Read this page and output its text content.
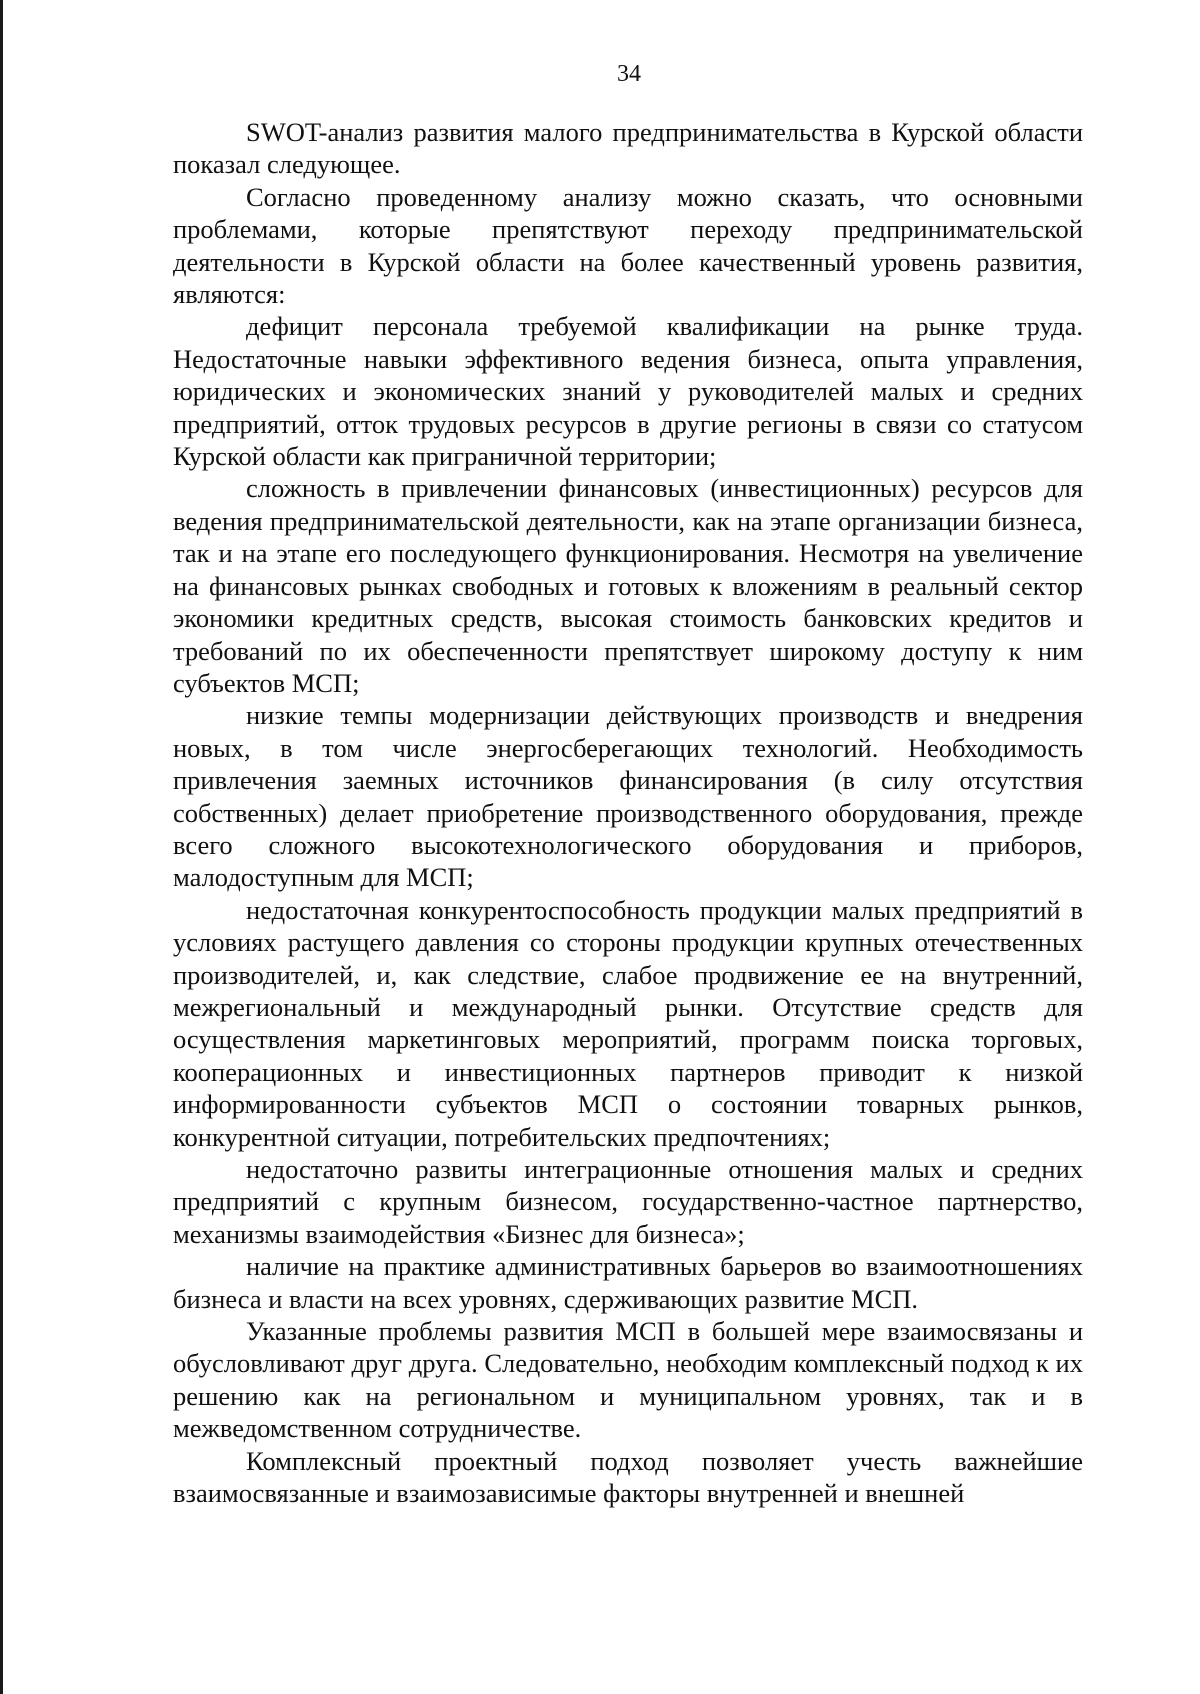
34

SWOT-анализ развития малого предпринимательства в Курской области показал следующее.

Согласно проведенному анализу можно сказать, что основными проблемами, которые препятствуют переходу предпринимательской деятельности в Курской области на более качественный уровень развития, являются:

дефицит персонала требуемой квалификации на рынке труда. Недостаточные навыки эффективного ведения бизнеса, опыта управления, юридических и экономических знаний у руководителей малых и средних предприятий, отток трудовых ресурсов в другие регионы в связи со статусом Курской области как приграничной территории;

сложность в привлечении финансовых (инвестиционных) ресурсов для ведения предпринимательской деятельности, как на этапе организации бизнеса, так и на этапе его последующего функционирования. Несмотря на увеличение на финансовых рынках свободных и готовых к вложениям в реальный сектор экономики кредитных средств, высокая стоимость банковских кредитов и требований по их обеспеченности препятствует широкому доступу к ним субъектов МСП;

низкие темпы модернизации действующих производств и внедрения новых, в том числе энергосберегающих технологий. Необходимость привлечения заемных источников финансирования (в силу отсутствия собственных) делает приобретение производственного оборудования, прежде всего сложного высокотехнологического оборудования и приборов, малодоступным для МСП;

недостаточная конкурентоспособность продукции малых предприятий в условиях растущего давления со стороны продукции крупных отечественных производителей, и, как следствие, слабое продвижение ее на внутренний, межрегиональный и международный рынки. Отсутствие средств для осуществления маркетинговых мероприятий, программ поиска торговых, кооперационных и инвестиционных партнеров приводит к низкой информированности субъектов МСП о состоянии товарных рынков, конкурентной ситуации, потребительских предпочтениях;

недостаточно развиты интеграционные отношения малых и средних предприятий с крупным бизнесом, государственно-частное партнерство, механизмы взаимодействия «Бизнес для бизнеса»;

наличие на практике административных барьеров во взаимоотношениях бизнеса и власти на всех уровнях, сдерживающих развитие МСП.

Указанные проблемы развития МСП в большей мере взаимосвязаны и обусловливают друг друга. Следовательно, необходим комплексный подход к их решению как на региональном и муниципальном уровнях, так и в межведомственном сотрудничестве.

Комплексный проектный подход позволяет учесть важнейшие взаимосвязанные и взаимозависимые факторы внутренней и внешней
